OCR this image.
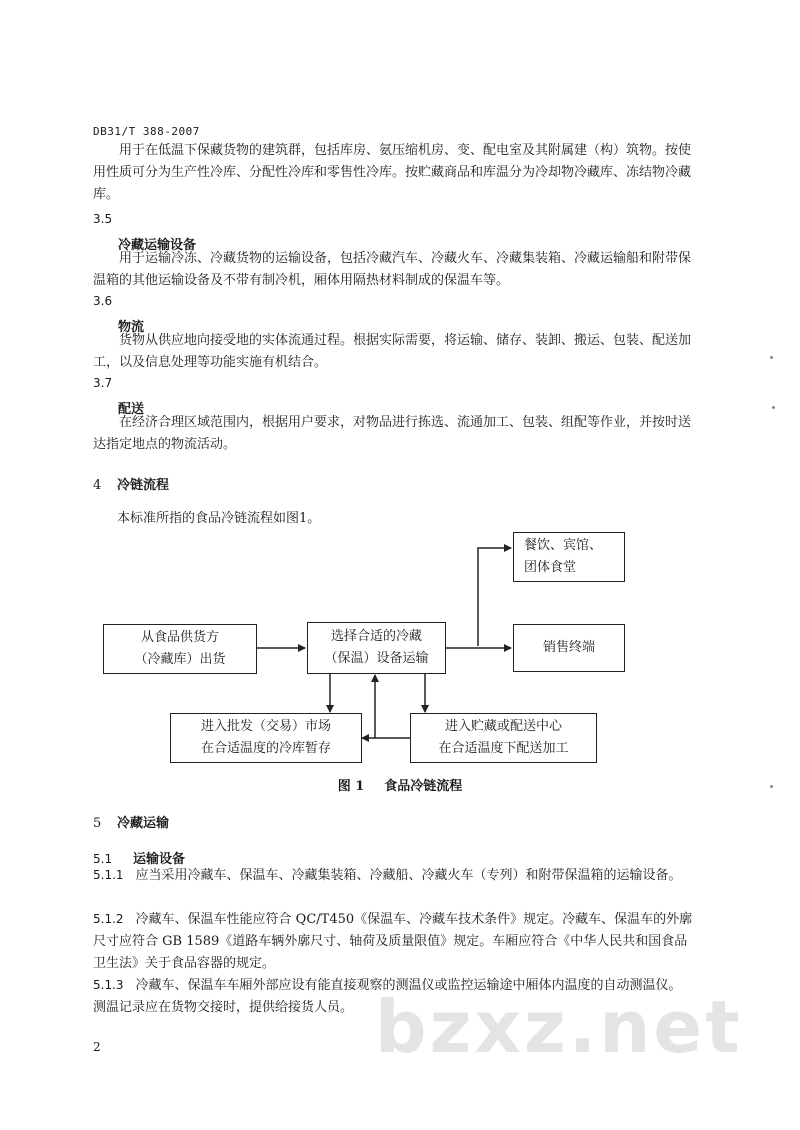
DB31/T 388-2007

用于在低温下保藏货物的建筑群，包括库房、氨压缩机房、变、配电室及其附属建（构）筑物。按使用性质可分为生产性冷库、分配性冷库和零售性冷库。按贮藏商品和库温分为冷却物冷藏库、冻结物冷藏库。

3.5
冷藏运输设备

用于运输冷冻、冷藏货物的运输设备，包括冷藏汽车、冷藏火车、冷藏集装箱、冷藏运输船和附带保温箱的其他运输设备及不带有制冷机，厢体用隔热材料制成的保温车等。

3.6
物流

货物从供应地向接受地的实体流通过程。根据实际需要，将运输、储存、装卸、搬运、包装、配送加工，以及信息处理等功能实施有机结合。

3.7
配送

在经济合理区域范围内，根据用户要求，对物品进行拣选、流通加工、包装、组配等作业，并按时送达指定地点的物流活动。

4 冷链流程

本标准所指的食品冷链流程如图1。

从食品供货方
（冷藏库）出货
选择合适的冷藏
（保温）设备运输
餐饮、宾馆、
团体食堂
销售终端
进入批发（交易）市场
在合适温度的冷库暂存
进入贮藏或配送中心
在合适温度下配送加工
图 1 食品冷链流程
5 冷藏运输
5.1 运输设备

5.1.1 应当采用冷藏车、保温车、冷藏集装箱、冷藏船、冷藏火车（专列）和附带保温箱的运输设备。

5.1.2 冷藏车、保温车性能应符合 QC/T450《保温车、冷藏车技术条件》规定。冷藏车、保温车的外廓尺寸应符合 GB 1589《道路车辆外廓尺寸、轴荷及质量限值》规定。车厢应符合《中华人民共和国食品卫生法》关于食品容器的规定。

5.1.3 冷藏车、保温车车厢外部应设有能直接观察的测温仪或监控运输途中厢体内温度的自动测温仪。测温记录应在货物交接时，提供给接货人员。 bzxz.net
2
